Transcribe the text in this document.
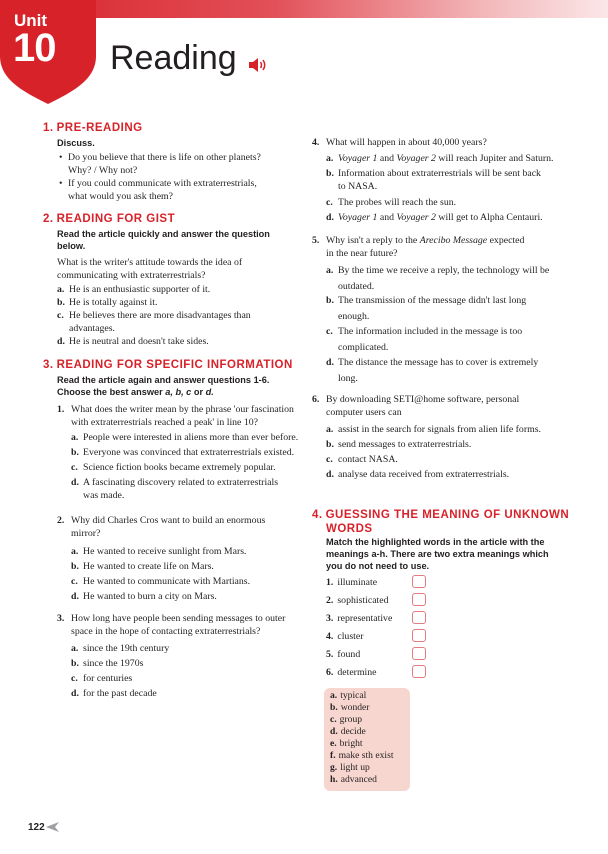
Unit
10 Reading
1. PRE-READING
Discuss.
• Do you believe that there is life on other planets?
Why? / Why not?
• If you could communicate with extraterrestrials,
what would you ask them?
2. READING FOR GIST
Read the article quickly and answer the question
below.
What is the writer's attitude towards the idea of
communicating with extraterrestrials?
a. He is an enthusiastic supporter of it.
b. He is totally against it.
c. He believes there are more disadvantages than
advantages.
d. He is neutral and doesn't take sides.
3. READING FOR SPECIFIC INFORMATION
Read the article again and answer questions 1-6.
Choose the best answer a, b, c or d.
1. What does the writer mean by the phrase 'our fascination
with extraterrestrials reached a peak' in line 10?
a. People were interested in aliens more than ever before.
b. Everyone was convinced that extraterrestrials existed.
c. Science fiction books became extremely popular.
d. A fascinating discovery related to extraterrestrials
was made.
2. Why did Charles Cros want to build an enormous
mirror?
a. He wanted to receive sunlight from Mars.
b. He wanted to create life on Mars.
c. He wanted to communicate with Martians.
d. He wanted to burn a city on Mars.
3. How long have people been sending messages to outer
space in the hope of contacting extraterrestrials?
a. since the 19th century
b. since the 1970s
c. for centuries
d. for the past decade
4. What will happen in about 40,000 years?
a. Voyager 1 and Voyager 2 will reach Jupiter and Saturn.
b. Information about extraterrestrials will be sent back
to NASA.
c. The probes will reach the sun.
d. Voyager 1 and Voyager 2 will get to Alpha Centauri.
5. Why isn't a reply to the Arecibo Message expected
in the near future?
a. By the time we receive a reply, the technology will be
outdated.
b. The transmission of the message didn't last long
enough.
c. The information included in the message is too
complicated.
d. The distance the message has to cover is extremely
long.
6. By downloading SETI@home software, personal
computer users can
a. assist in the search for signals from alien life forms.
b. send messages to extraterrestrials.
c. contact NASA.
d. analyse data received from extraterrestrials.
4. GUESSING THE MEANING OF UNKNOWN
WORDS
Match the highlighted words in the article with the
meanings a-h. There are two extra meanings which
you do not need to use.
1. illuminate
2. sophisticated
3. representative
4. cluster
5. found
6. determine
a. typical
b. wonder
c. group
d. decide
e. bright
f. make sth exist
g. light up
h. advanced
122
